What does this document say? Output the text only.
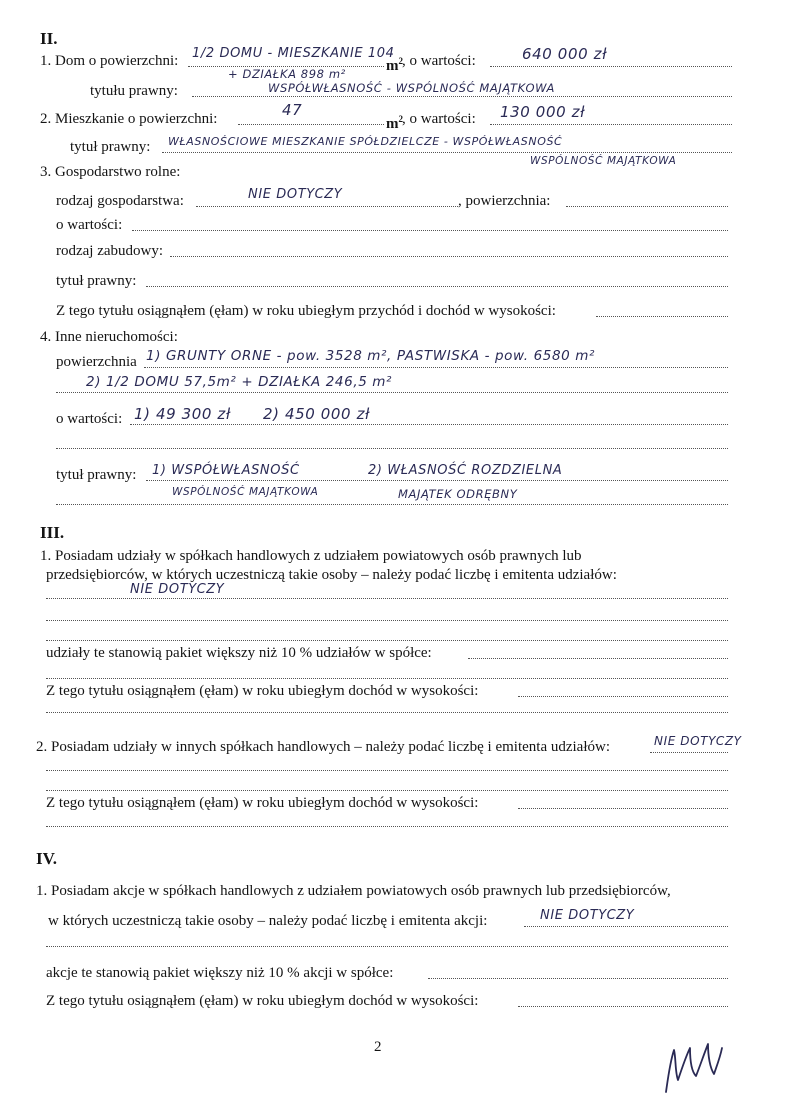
II.
1. Dom o powierzchni: 1/2 DOMU - MIESZKANIE 104
$m^2$ , o wartości:	640 000 zł
+ DZIAŁKA 898 m²
tytułu prawny:	WSPÓŁWŁASNOŚĆ - WSPÓLNOŚĆ MAJĄTKOWA
2. Mieszkanie o powierzchni:	47
$m^2$ , o wartości: 130 000 zł
tytuł prawny: WŁASNOŚCIOWE MIESZKANIE SPÓŁDZIELCZE - WSPÓŁWŁASNOŚĆ
WSPÓLNOŚĆ MAJĄTKOWA
3. Gospodarstwo rolne:
rodzaj gospodarstwa:	NIE DOTYCZY	, powierzchnia:
o wartości:
rodzaj zabudowy:
tytuł prawny:
Z tego tytułu osiągnąłem (ęłam) w roku ubiegłym przychód i dochód w wysokości:
4. Inne nieruchomości:
powierzchnia 1) GRUNTY ORNE - pow. 3528 m², PASTWISKA - pow. 6580 m²
2) 1/2 DOMU 57,5m² + DZIAŁKA 246,5 m²
o wartości: 1) 49 300 zł      2) 450 000 zł
tytuł prawny: 1) WSPÓŁWŁASNOŚĆ
WSPÓLNOŚĆ MAJĄTKOWA
2) WŁASNOŚĆ ROZDZIELNA
MAJĄTEK ODRĘBNY
III.
1. Posiadam udziały w spółkach handlowych z udziałem powiatowych osób prawnych lub
przedsiębiorców, w których uczestniczą takie osoby – należy podać liczbę i emitenta udziałów:
NIE DOTYCZY
udziały te stanowią pakiet większy niż 10 % udziałów w spółce:
Z tego tytułu osiągnąłem (ęłam) w roku ubiegłym dochód w wysokości:
2. Posiadam udziały w innych spółkach handlowych – należy podać liczbę i emitenta udziałów:	NIE DOTYCZY
Z tego tytułu osiągnąłem (ęłam) w roku ubiegłym dochód w wysokości:
IV.
1. Posiadam akcje w spółkach handlowych z udziałem powiatowych osób prawnych lub przedsiębiorców,
w których uczestniczą takie osoby – należy podać liczbę i emitenta akcji:	NIE DOTYCZY
akcje te stanowią pakiet większy niż 10 % akcji w spółce:
Z tego tytułu osiągnąłem (ęłam) w roku ubiegłym dochód w wysokości:
2
